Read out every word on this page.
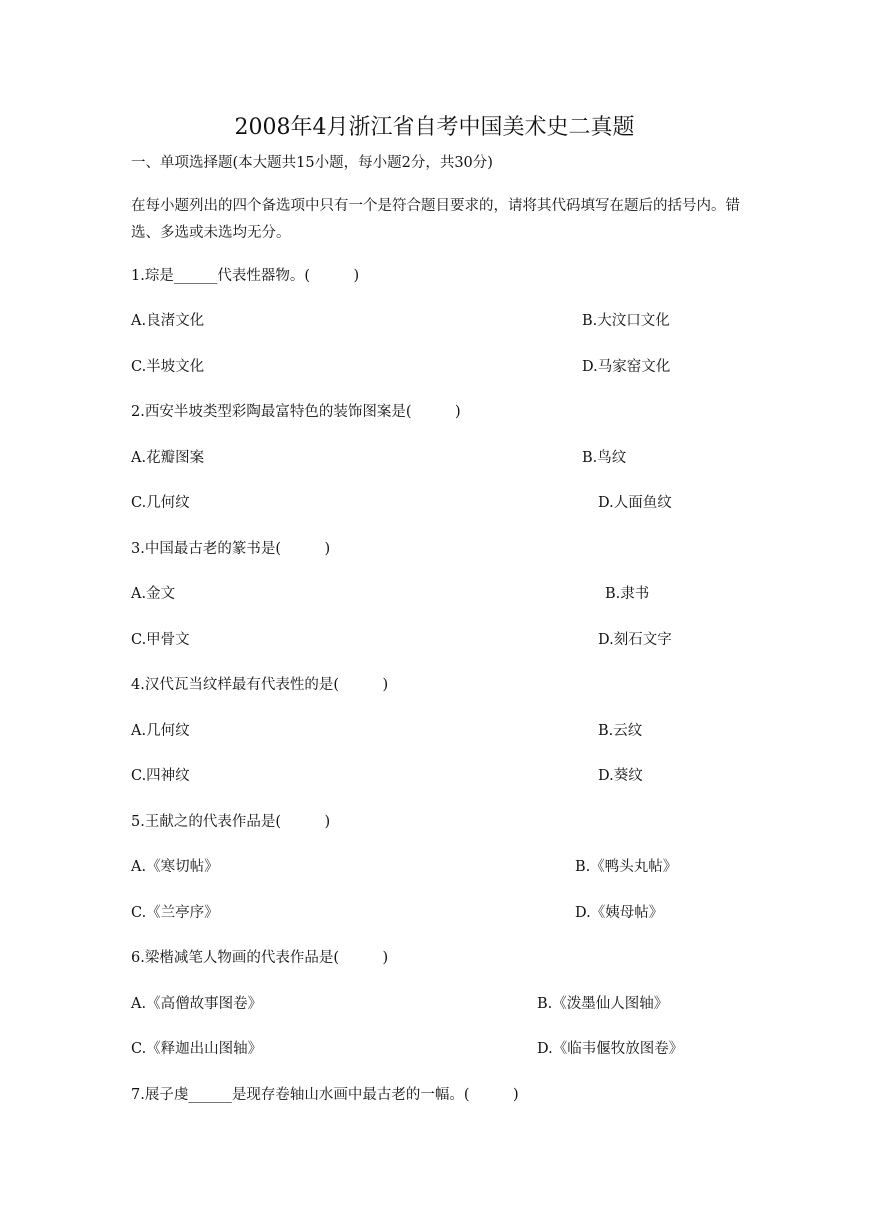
2008年4月浙江省自考中国美术史二真题

一、单项选择题(本大题共15小题，每小题2分，共30分)

在每小题列出的四个备选项中只有一个是符合题目要求的，请将其代码填写在题后的括号内。错选、多选或未选均无分。

1.琮是______代表性器物。(　　　)

A.良渚文化	B.大汶口文化

C.半坡文化	D.马家窑文化

2.西安半坡类型彩陶最富特色的装饰图案是(　　　)

A.花瓣图案	B.鸟纹

C.几何纹	D.人面鱼纹

3.中国最古老的篆书是(　　　)

A.金文	B.隶书

C.甲骨文	D.刻石文字

4.汉代瓦当纹样最有代表性的是(　　　)

A.几何纹	B.云纹

C.四神纹	D.葵纹

5.王献之的代表作品是(　　　)

A.《寒切帖》	B.《鸭头丸帖》

C.《兰亭序》	D.《姨母帖》

6.梁楷减笔人物画的代表作品是(　　　)

A.《高僧故事图卷》	B.《泼墨仙人图轴》

C.《释迦出山图轴》	D.《临韦偃牧放图卷》

7.展子虔______是现存卷轴山水画中最古老的一幅。(　　　)
